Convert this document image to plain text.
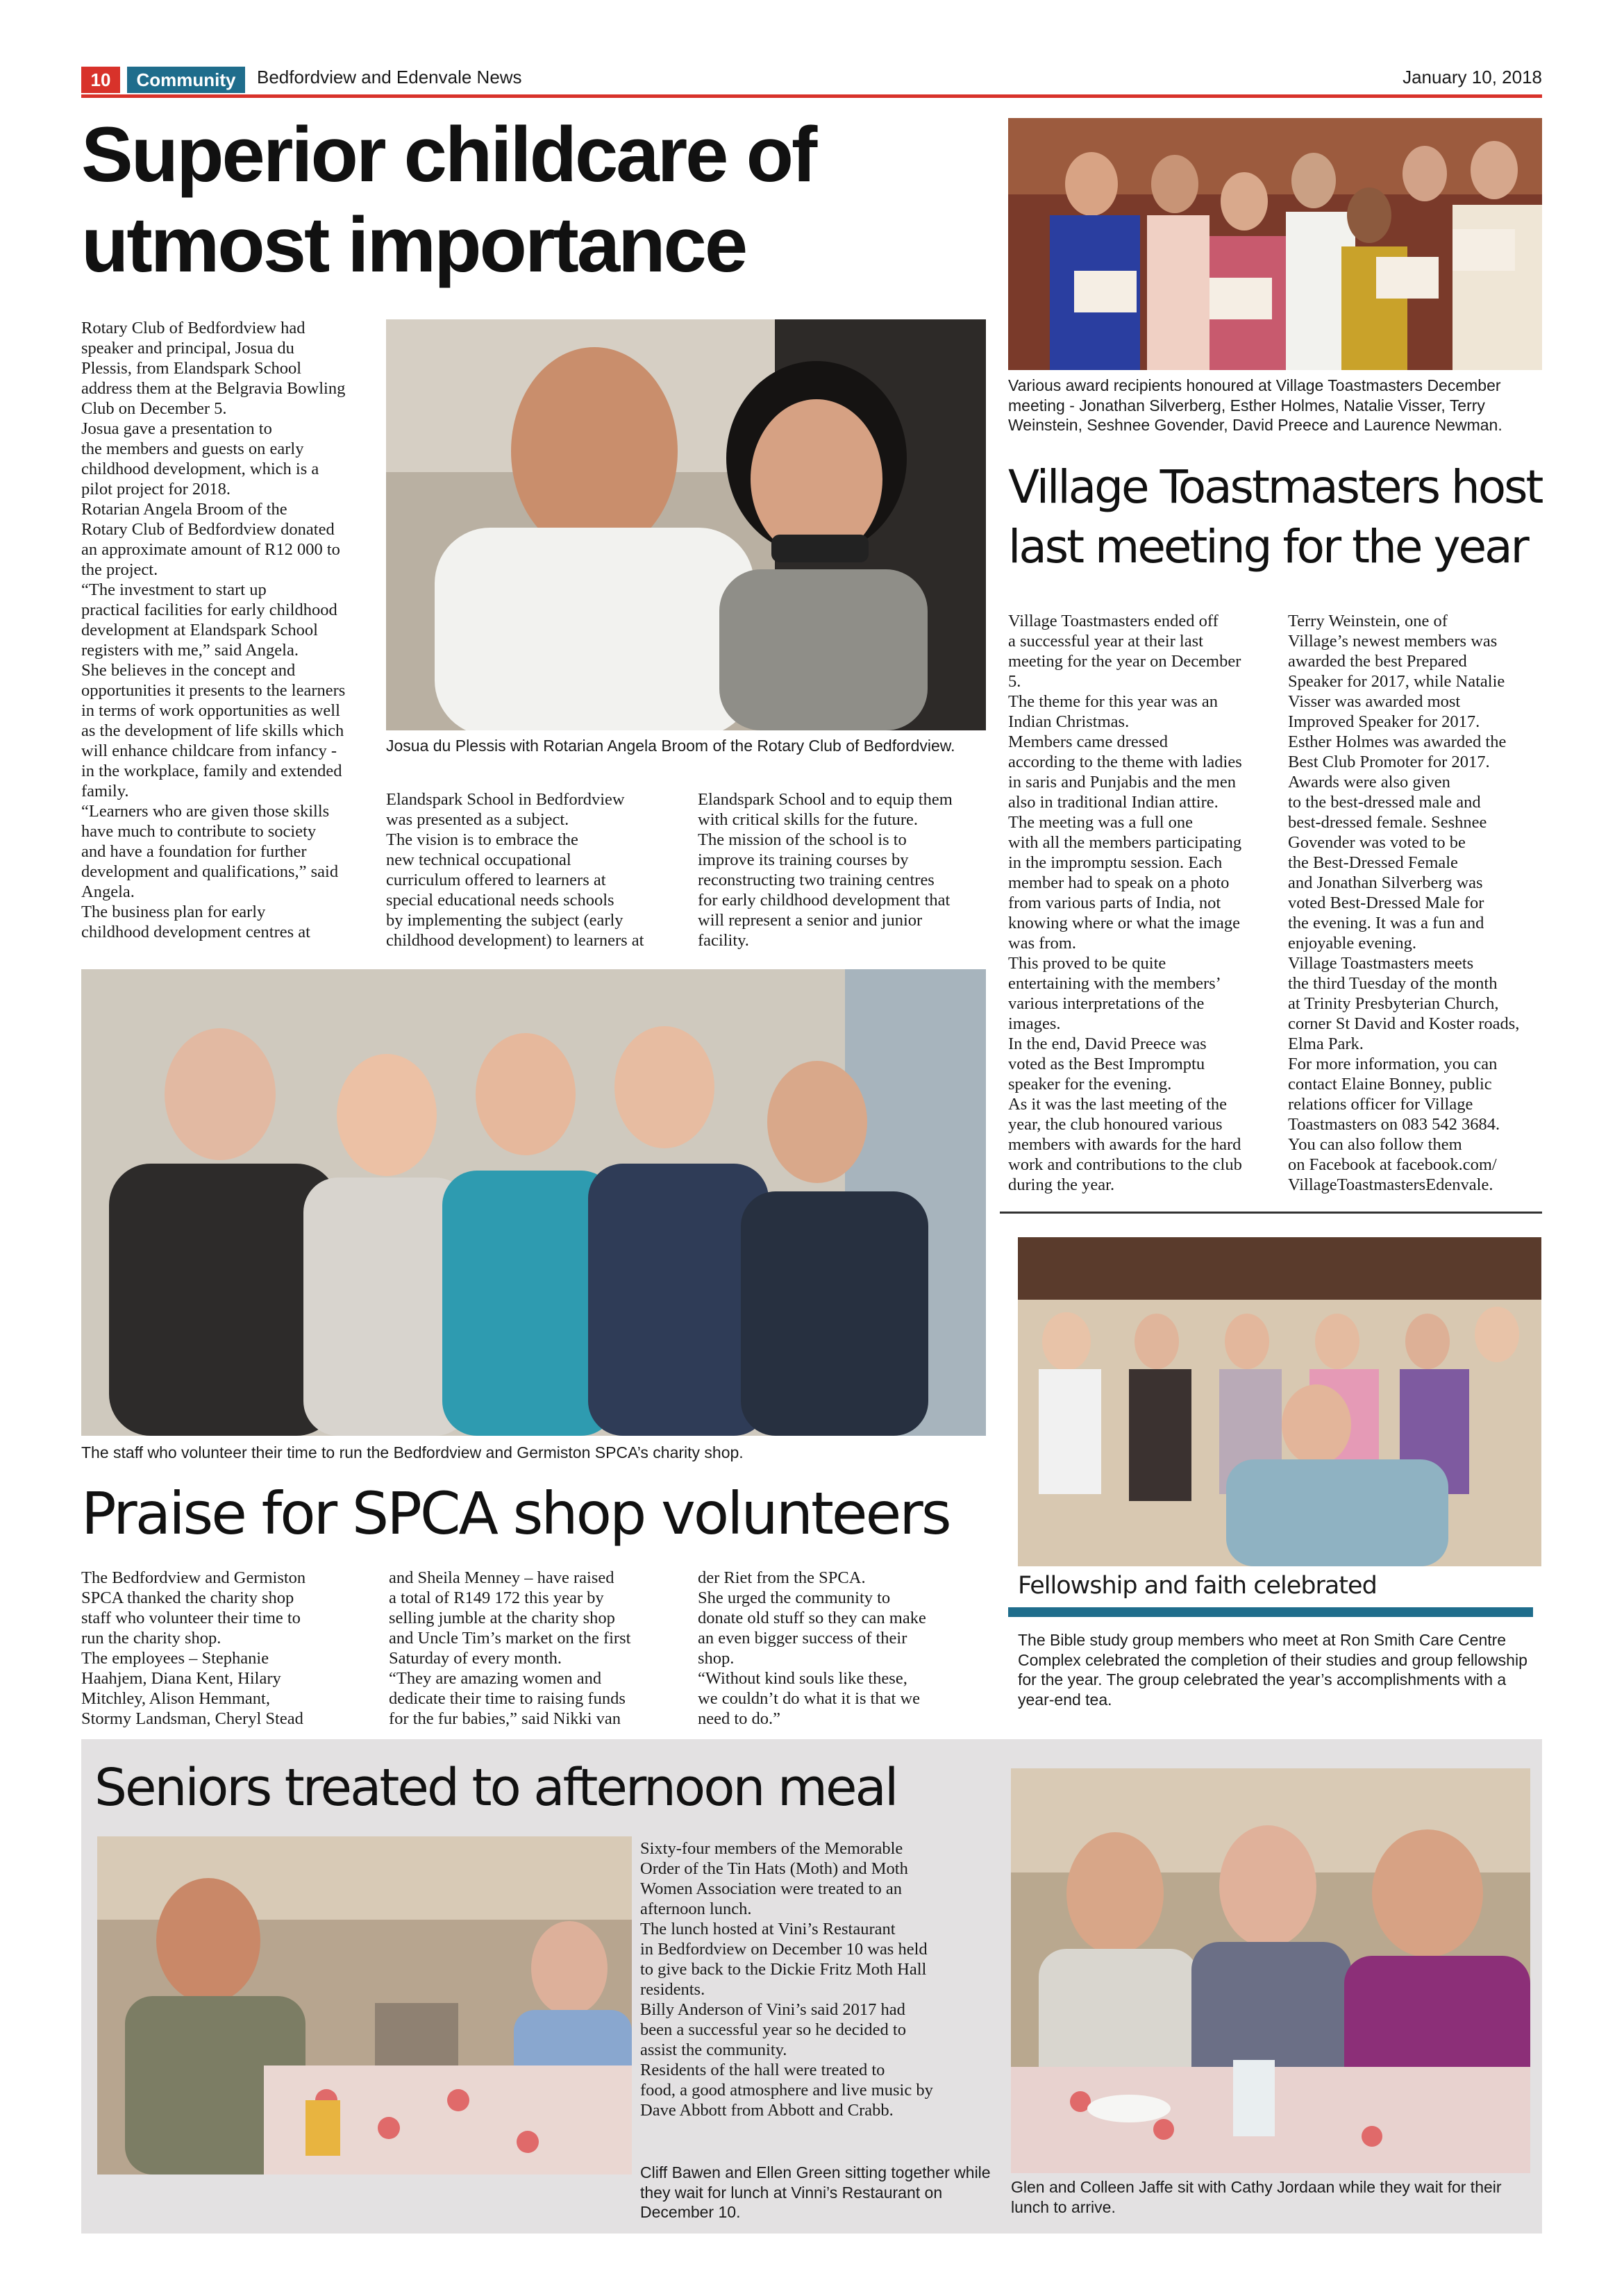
10	Community	Bedfordview and Edenvale News	January 10, 2018
Superior childcare of
utmost importance
Rotary Club of Bedfordview had
speaker and principal, Josua du
Plessis, from Elandspark School
address them at the Belgravia Bowling
Club on December 5.
Josua gave a presentation to
the members and guests on early
childhood development, which is a
pilot project for 2018.
Rotarian Angela Broom of the
Rotary Club of Bedfordview donated
an approximate amount of R12 000 to
the project.
“The investment to start up
practical facilities for early childhood
development at Elandspark School
registers with me,” said Angela.
She believes in the concept and
opportunities it presents to the learners
in terms of work opportunities as well
as the development of life skills which
will enhance childcare from infancy -
in the workplace, family and extended
family.
“Learners who are given those skills
have much to contribute to society
and have a foundation for further
development and qualifications,” said
Angela.
The business plan for early
childhood development centres at
Josua du Plessis with Rotarian Angela Broom of the Rotary Club of Bedfordview.
Elandspark School in Bedfordview
was presented as a subject.
The vision is to embrace the
new technical occupational
curriculum offered to learners at
special educational needs schools
by implementing the subject (early
childhood development) to learners at
Elandspark School and to equip them
with critical skills for the future.
The mission of the school is to
improve its training courses by
reconstructing two training centres
for early childhood development that
will represent a senior and junior
facility.
Various award recipients honoured at Village Toastmasters December meeting - Jonathan Silverberg, Esther Holmes, Natalie Visser, Terry Weinstein, Seshnee Govender, David Preece and Laurence Newman.
Village Toastmasters host
last meeting for the year
Village Toastmasters ended off
a successful year at their last
meeting for the year on December
5.
The theme for this year was an
Indian Christmas.
Members came dressed
according to the theme with ladies
in saris and Punjabis and the men
also in traditional Indian attire.
The meeting was a full one
with all the members participating
in the impromptu session. Each
member had to speak on a photo
from various parts of India, not
knowing where or what the image
was from.
This proved to be quite
entertaining with the members’
various interpretations of the
images.
In the end, David Preece was
voted as the Best Impromptu
speaker for the evening.
As it was the last meeting of the
year, the club honoured various
members with awards for the hard
work and contributions to the club
during the year.
Terry Weinstein, one of
Village’s newest members was
awarded the best Prepared
Speaker for 2017, while Natalie
Visser was awarded most
Improved Speaker for 2017.
Esther Holmes was awarded the
Best Club Promoter for 2017.
Awards were also given
to the best-dressed male and
best-dressed female. Seshnee
Govender was voted to be
the Best-Dressed Female
and Jonathan Silverberg was
voted Best-Dressed Male for
the evening. It was a fun and
enjoyable evening.
Village Toastmasters meets
the third Tuesday of the month
at Trinity Presbyterian Church,
corner St David and Koster roads,
Elma Park.
For more information, you can
contact Elaine Bonney, public
relations officer for Village
Toastmasters on 083 542 3684.
You can also follow them
on Facebook at facebook.com/
VillageToastmastersEdenvale.
The staff who volunteer their time to run the Bedfordview and Germiston SPCA’s charity shop.
Praise for SPCA shop volunteers
The Bedfordview and Germiston
SPCA thanked the charity shop
staff who volunteer their time to
run the charity shop.
The employees – Stephanie
Haahjem, Diana Kent, Hilary
Mitchley, Alison Hemmant,
Stormy Landsman, Cheryl Stead
and Sheila Menney – have raised
a total of R149 172 this year by
selling jumble at the charity shop
and Uncle Tim’s market on the first
Saturday of every month.
“They are amazing women and
dedicate their time to raising funds
for the fur babies,” said Nikki van
der Riet from the SPCA.
She urged the community to
donate old stuff so they can make
an even bigger success of their
shop.
“Without kind souls like these,
we couldn’t do what it is that we
need to do.”
Fellowship and faith celebrated
The Bible study group members who meet at Ron Smith Care Centre Complex celebrated the completion of their studies and group fellowship for the year. The group celebrated the year’s accomplishments with a year-end tea.
Seniors treated to afternoon meal
Sixty-four members of the Memorable
Order of the Tin Hats (Moth) and Moth
Women Association were treated to an
afternoon lunch.
The lunch hosted at Vini’s Restaurant
in Bedfordview on December 10 was held
to give back to the Dickie Fritz Moth Hall
residents.
Billy Anderson of Vini’s said 2017 had
been a successful year so he decided to
assist the community.
Residents of the hall were treated to
food, a good atmosphere and live music by
Dave Abbott from Abbott and Crabb.
Cliff Bawen and Ellen Green sitting together while they wait for lunch at Vinni’s Restaurant on December 10.
Glen and Colleen Jaffe sit with Cathy Jordaan while they wait for their lunch to arrive.
